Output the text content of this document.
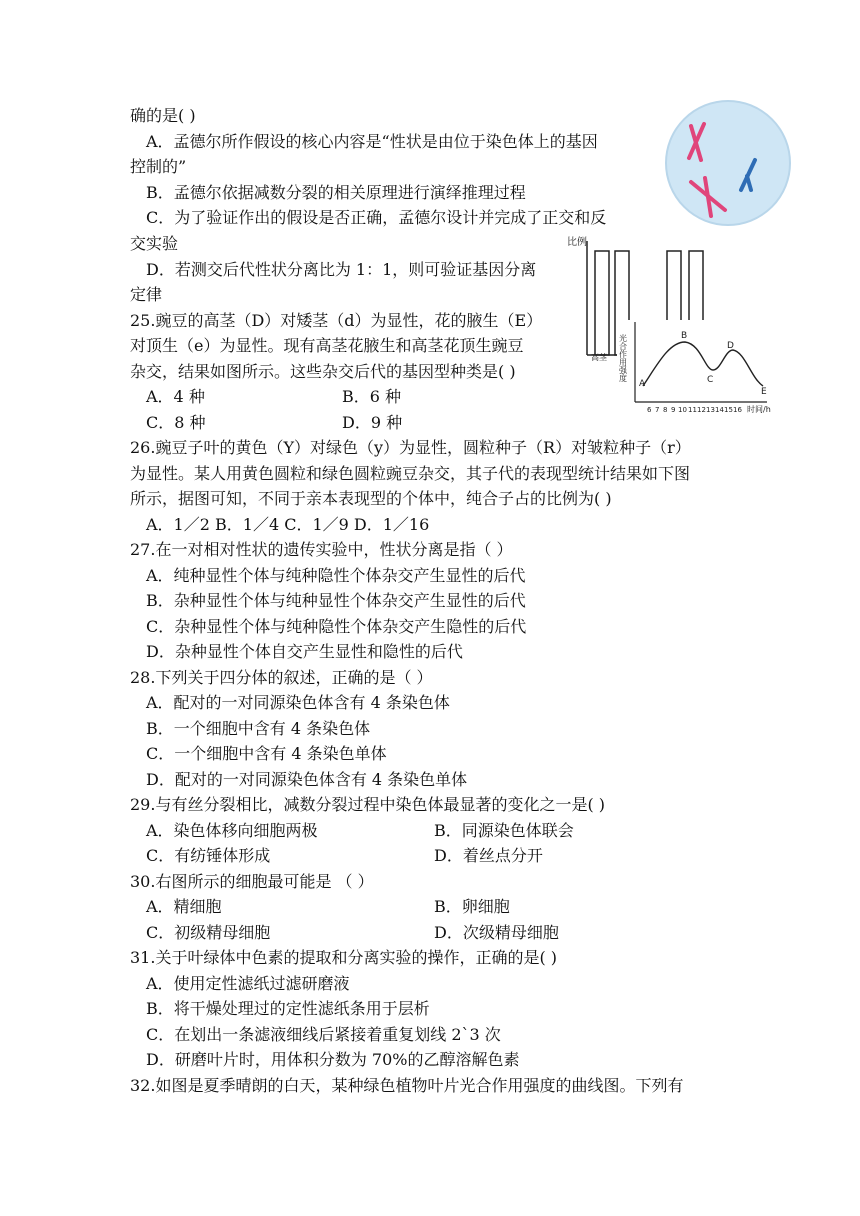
确的是( )
A．孟德尔所作假设的核心内容是“性状是由位于染色体上的基因
控制的”
B．孟德尔依据减数分裂的相关原理进行演绎推理过程
C．为了验证作出的假设是否正确，孟德尔设计并完成了正交和反
交实验
D．若测交后代性状分离比为 1：1，则可验证基因分离
定律
25.豌豆的高茎（D）对矮茎（d）为显性，花的腋生（E）
对顶生（e）为显性。现有高茎花腋生和高茎花顶生豌豆
杂交，结果如图所示。这些杂交后代的基因型种类是( )
A．4 种	B．6 种
C．8 种	D．9 种
26.豌豆子叶的黄色（Y）对绿色（y）为显性，圆粒种子（R）对皱粒种子（r）
为显性。某人用黄色圆粒和绿色圆粒豌豆杂交，其子代的表现型统计结果如下图
所示，据图可知，不同于亲本表现型的个体中，纯合子占的比例为( )
A．1／2 B．1／4 C．1／9 D．1／16
27.在一对相对性状的遗传实验中，性状分离是指（ ）
A．纯种显性个体与纯种隐性个体杂交产生显性的后代
B．杂种显性个体与纯种显性个体杂交产生显性的后代
C．杂种显性个体与纯种隐性个体杂交产生隐性的后代
D．杂种显性个体自交产生显性和隐性的后代
28.下列关于四分体的叙述，正确的是（ ）
A．配对的一对同源染色体含有 4 条染色体
B．一个细胞中含有 4 条染色体
C．一个细胞中含有 4 条染色单体
D．配对的一对同源染色体含有 4 条染色单体
29.与有丝分裂相比，减数分裂过程中染色体最显著的变化之一是( )
A．染色体移向细胞两极	B．同源染色体联会
C．有纺锤体形成	D．着丝点分开
30.右图所示的细胞最可能是 （ ）
A．精细胞	B．卵细胞
C．初级精母细胞	D．次级精母细胞
31.关于叶绿体中色素的提取和分离实验的操作，正确的是( )
A．使用定性滤纸过滤研磨液
B．将干燥处理过的定性滤纸条用于层析
C．在划出一条滤液细线后紧接着重复划线 2`3 次
D．研磨叶片时，用体积分数为 70%的乙醇溶解色素
32.如图是夏季晴朗的白天，某种绿色植物叶片光合作用强度的曲线图。下列有
比例
高茎 光合作用强度
A
B
C
D
E
6 7 8 9 10 11 12 13 14 15 16 时间/h
